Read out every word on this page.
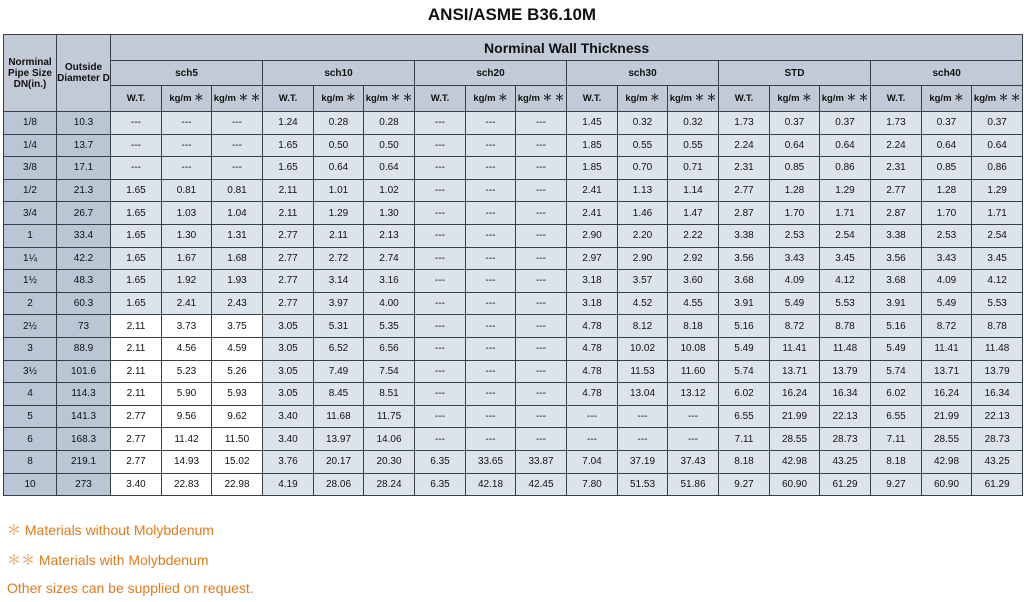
ANSI/ASME B36.10M
Norminal Pipe Size DN(in.)	Outside Diameter D	Norminal Wall Thickness																	
		sch5			sch10			sch20			sch30			STD			sch40		
		W.T.	kg/m ＊	kg/m ＊ ＊	W.T.	kg/m ＊	kg/m ＊ ＊	W.T.	kg/m ＊	kg/m ＊ ＊	W.T.	kg/m ＊	kg/m ＊ ＊	W.T.	kg/m ＊	kg/m ＊ ＊	W.T.	kg/m ＊	kg/m ＊ ＊
1/8	10.3	---	---	---	1.24	0.28	0.28	---	---	---	1.45	0.32	0.32	1.73	0.37	0.37	1.73	0.37	0.37
1/4	13.7	---	---	---	1.65	0.50	0.50	---	---	---	1.85	0.55	0.55	2.24	0.64	0.64	2.24	0.64	0.64
3/8	17.1	---	---	---	1.65	0.64	0.64	---	---	---	1.85	0.70	0.71	2.31	0.85	0.86	2.31	0.85	0.86
1/2	21.3	1.65	0.81	0.81	2.11	1.01	1.02	---	---	---	2.41	1.13	1.14	2.77	1.28	1.29	2.77	1.28	1.29
3/4	26.7	1.65	1.03	1.04	2.11	1.29	1.30	---	---	---	2.41	1.46	1.47	2.87	1.70	1.71	2.87	1.70	1.71
1	33.4	1.65	1.30	1.31	2.77	2.11	2.13	---	---	---	2.90	2.20	2.22	3.38	2.53	2.54	3.38	2.53	2.54
1¼	42.2	1.65	1.67	1.68	2.77	2.72	2.74	---	---	---	2.97	2.90	2.92	3.56	3.43	3.45	3.56	3.43	3.45
1½	48.3	1.65	1.92	1.93	2.77	3.14	3.16	---	---	---	3.18	3.57	3.60	3.68	4.09	4.12	3.68	4.09	4.12
2	60.3	1.65	2.41	2.43	2.77	3.97	4.00	---	---	---	3.18	4.52	4.55	3.91	5.49	5.53	3.91	5.49	5.53
2½	73	2.11	3.73	3.75	3.05	5.31	5.35	---	---	---	4.78	8.12	8.18	5.16	8.72	8.78	5.16	8.72	8.78
3	88.9	2.11	4.56	4.59	3.05	6.52	6.56	---	---	---	4.78	10.02	10.08	5.49	11.41	11.48	5.49	11.41	11.48
3½	101.6	2.11	5.23	5.26	3.05	7.49	7.54	---	---	---	4.78	11.53	11.60	5.74	13.71	13.79	5.74	13.71	13.79
4	114.3	2.11	5.90	5.93	3.05	8.45	8.51	---	---	---	4.78	13.04	13.12	6.02	16.24	16.34	6.02	16.24	16.34
5	141.3	2.77	9.56	9.62	3.40	11.68	11.75	---	---	---	---	---	---	6.55	21.99	22.13	6.55	21.99	22.13
6	168.3	2.77	11.42	11.50	3.40	13.97	14.06	---	---	---	---	---	---	7.11	28.55	28.73	7.11	28.55	28.73
8	219.1	2.77	14.93	15.02	3.76	20.17	20.30	6.35	33.65	33.87	7.04	37.19	37.43	8.18	42.98	43.25	8.18	42.98	43.25
10	273	3.40	22.83	22.98	4.19	28.06	28.24	6.35	42.18	42.45	7.80	51.53	51.86	9.27	60.90	61.29	9.27	60.90	61.29
＊ Materials without Molybdenum
＊＊ Materials with Molybdenum
Other sizes can be supplied on request.
